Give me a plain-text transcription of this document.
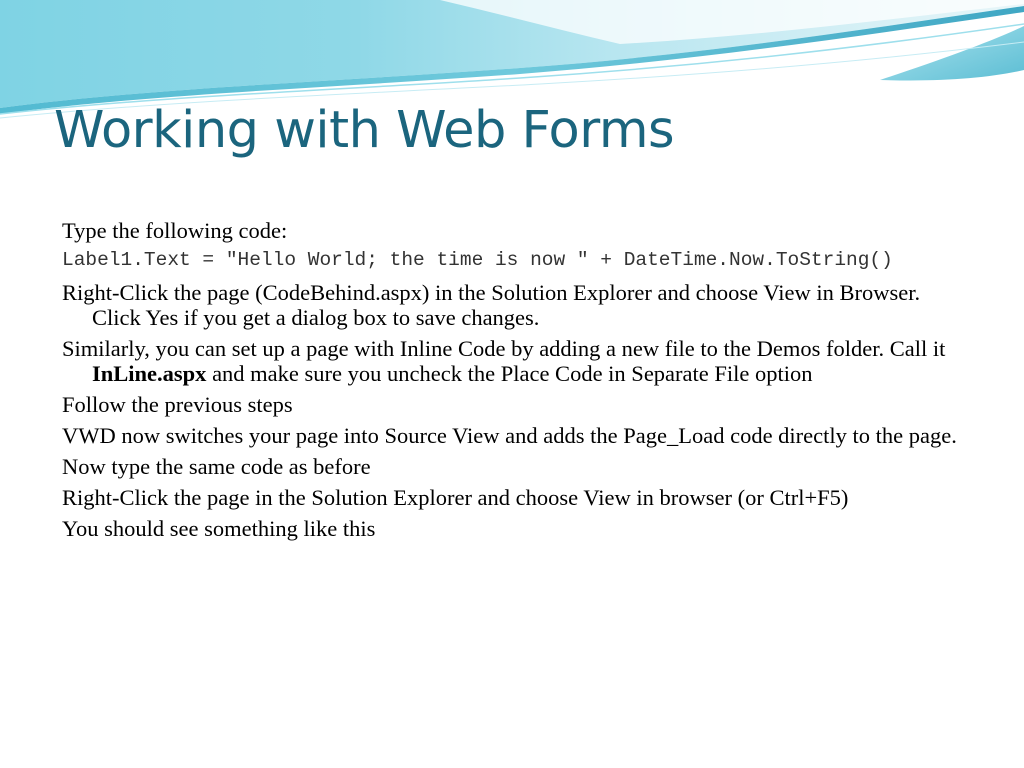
Working with Web Forms
Type the following code:
Label1.Text = "Hello World; the time is now " + DateTime.Now.ToString()
Right-Click the page (CodeBehind.aspx) in the Solution Explorer and choose View in Browser. Click Yes if you get a dialog box to save changes.
Similarly, you can set up a page with Inline Code by adding a new file to the Demos folder. Call it InLine.aspx and make sure you uncheck the Place Code in Separate File option
Follow the previous steps
VWD now switches your page into Source View and adds the Page_Load code directly to the page.
Now type the same code as before
Right-Click the page in the Solution Explorer and choose View in browser (or Ctrl+F5)
You should see something like this
